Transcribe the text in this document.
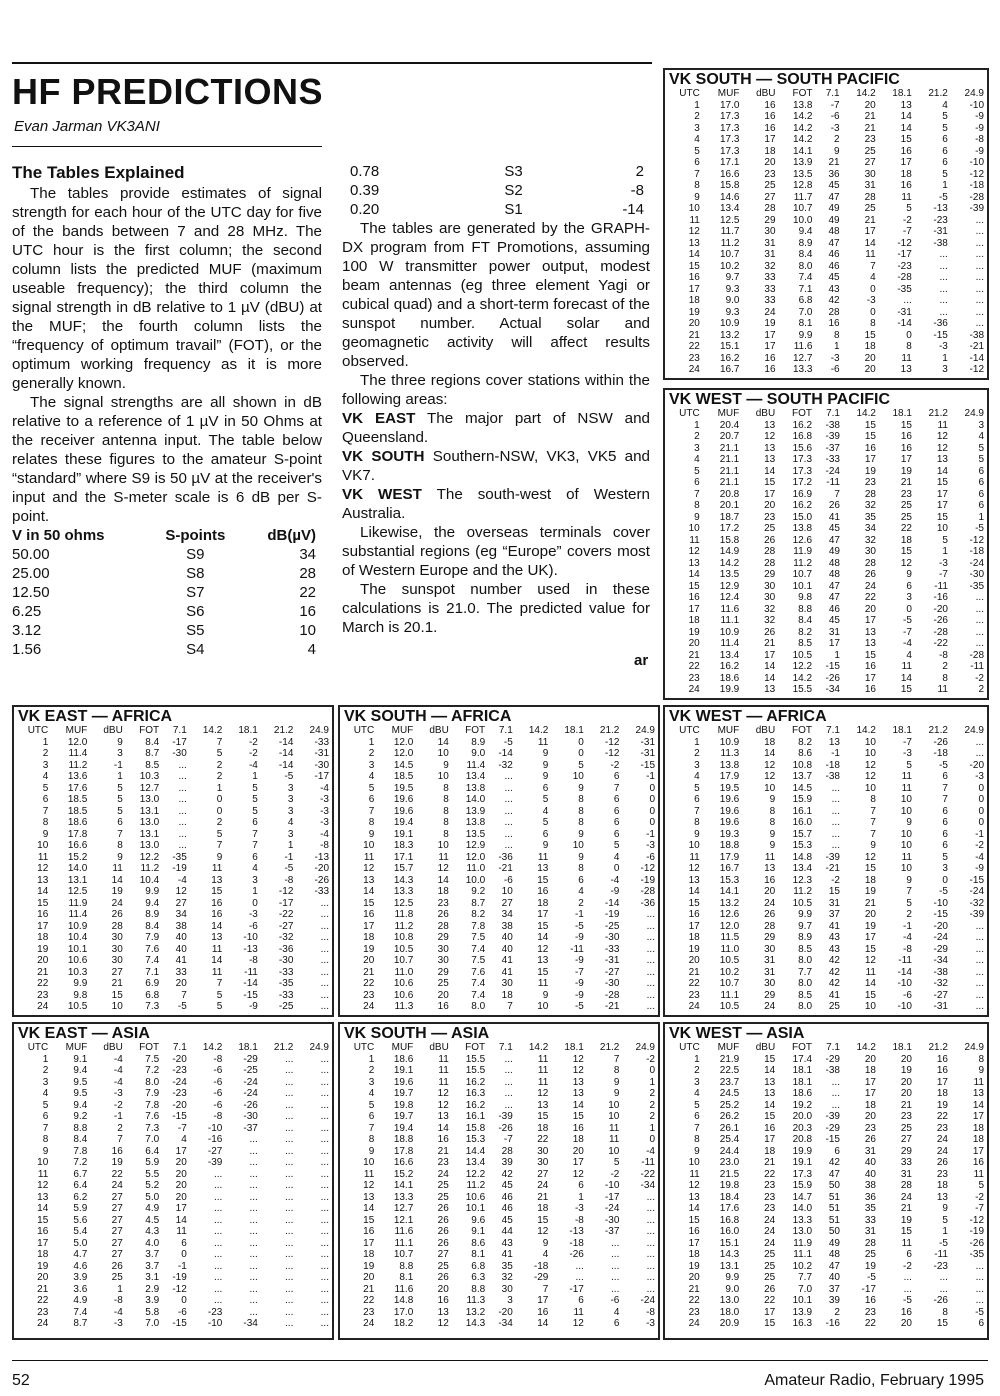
HF PREDICTIONS
Evan Jarman VK3ANI
The Tables Explained

The tables provide estimates of signal strength for each hour of the UTC day for five of the bands between 7 and 28 MHz. The UTC hour is the first column; the second column lists the predicted MUF (maximum useable frequency); the third column the signal strength in dB relative to 1 µV (dBU) at the MUF; the fourth column lists the “frequency of optimum travail” (FOT), or the optimum working frequency as it is more generally known.

The signal strengths are all shown in dB relative to a reference of 1 µV in 50 Ohms at the receiver antenna input. The table below relates these figures to the amateur S-point “standard” where S9 is 50 µV at the receiver's input and the S-meter scale is 6 dB per S-point.

V in 50 ohms	S-points	dB(µV)
50.00	S9	34
25.00	S8	28
12.50	S7	22
6.25	S6	16
3.12	S5	10
1.56	S4	4
0.78	S3	2
0.39	S2	-8
0.20	S1	-14

The tables are generated by the GRAPH-DX program from FT Promotions, assuming 100 W transmitter power output, modest beam antennas (eg three element Yagi or cubical quad) and a short-term forecast of the sunspot number. Actual solar and geomagnetic activity will affect results observed.

The three regions cover stations within the following areas:

VK EAST The major part of NSW and Queensland.

VK SOUTH Southern-NSW, VK3, VK5 and VK7.

VK WEST The south-west of Western Australia.

Likewise, the overseas terminals cover substantial regions (eg “Europe” covers most of Western Europe and the UK).

The sunspot number used in these calculations is 21.0. The predicted value for March is 20.1.

ar
VK SOUTH — SOUTH PACIFIC
UTC	MUF	dBU	FOT	7.1	14.2	18.1	21.2	24.9
1	17.0	16	13.8	-7	20	13	4	-10
2	17.3	16	14.2	-6	21	14	5	-9
3	17.3	16	14.2	-3	21	14	5	-9
4	17.3	17	14.2	2	23	15	6	-8
5	17.3	18	14.1	9	25	16	6	-9
6	17.1	20	13.9	21	27	17	6	-10
7	16.6	23	13.5	36	30	18	5	-12
8	15.8	25	12.8	45	31	16	1	-18
9	14.6	27	11.7	47	28	11	-5	-28
10	13.4	28	10.7	49	25	5	-13	-39
11	12.5	29	10.0	49	21	-2	-23	...
12	11.7	30	9.4	48	17	-7	-31	...
13	11.2	31	8.9	47	14	-12	-38	...
14	10.7	31	8.4	46	11	-17	...	...
15	10.2	32	8.0	46	7	-23	...	...
16	9.7	33	7.4	45	4	-28	...	...
17	9.3	33	7.1	43	0	-35	...	...
18	9.0	33	6.8	42	-3	...	...	...
19	9.3	24	7.0	28	0	-31	...	...
20	10.9	19	8.1	16	8	-14	-36	...
21	13.2	17	9.9	8	15	0	-15	-38
22	15.1	17	11.6	1	18	8	-3	-21
23	16.2	16	12.7	-3	20	11	1	-14
24	16.7	16	13.3	-6	20	13	3	-12
VK WEST — SOUTH PACIFIC
UTC	MUF	dBU	FOT	7.1	14.2	18.1	21.2	24.9
1	20.4	13	16.2	-38	15	15	11	3
2	20.7	12	16.8	-39	15	16	12	4
3	21.1	13	15.6	-37	16	16	12	5
4	21.1	13	17.3	-33	17	17	13	5
5	21.1	14	17.3	-24	19	19	14	6
6	21.1	15	17.2	-11	23	21	15	6
7	20.8	17	16.9	7	28	23	17	6
8	20.1	20	16.2	26	32	25	17	6
9	18.7	23	15.0	41	35	25	15	1
10	17.2	25	13.8	45	34	22	10	-5
11	15.8	26	12.6	47	32	18	5	-12
12	14.9	28	11.9	49	30	15	1	-18
13	14.2	28	11.2	48	28	12	-3	-24
14	13.5	29	10.7	48	26	9	-7	-30
15	12.9	30	10.1	47	24	6	-11	-35
16	12.4	30	9.8	47	22	3	-16	...
17	11.6	32	8.8	46	20	0	-20	...
18	11.1	32	8.4	45	17	-5	-26	...
19	10.9	26	8.2	31	13	-7	-28	...
20	11.4	21	8.5	17	13	-4	-22	...
21	13.4	17	10.5	1	15	4	-8	-28
22	16.2	14	12.2	-15	16	11	2	-11
23	18.6	14	14.2	-26	17	14	8	-2
24	19.9	13	15.5	-34	16	15	11	2
VK EAST — AFRICA
UTC	MUF	dBU	FOT	7.1	14.2	18.1	21.2	24.9
1	12.0	9	8.4	-17	7	-2	-14	-33
2	11.4	3	8.7	-30	5	-2	-14	-31
3	11.2	-1	8.5	...	2	-4	-14	-30
4	13.6	1	10.3	...	2	1	-5	-17
5	17.6	5	12.7	...	1	5	3	-4
6	18.5	5	13.0	...	0	5	3	-3
7	18.5	5	13.1	...	0	5	3	-3
8	18.6	6	13.0	...	2	6	4	-3
9	17.8	7	13.1	...	5	7	3	-4
10	16.6	8	13.0	...	7	7	1	-8
11	15.2	9	12.2	-35	9	6	-1	-13
12	14.0	11	11.2	-19	11	4	-5	-20
13	13.1	14	10.4	-4	13	3	-8	-26
14	12.5	19	9.9	12	15	1	-12	-33
15	11.9	24	9.4	27	16	0	-17	...
16	11.4	26	8.9	34	16	-3	-22	...
17	10.9	28	8.4	38	14	-6	-27	...
18	10.4	30	7.9	40	13	-10	-32	...
19	10.1	30	7.6	40	11	-13	-36	...
20	10.6	30	7.4	41	14	-8	-30	...
21	10.3	27	7.1	33	11	-11	-33	...
22	9.9	21	6.9	20	7	-14	-35	...
23	9.8	15	6.8	7	5	-15	-33	...
24	10.5	10	7.3	-5	5	-9	-25	...
VK SOUTH — AFRICA
UTC	MUF	dBU	FOT	7.1	14.2	18.1	21.2	24.9
1	12.0	14	8.9	-5	11	0	-12	-31
2	12.0	10	9.0	-14	9	0	-12	-31
3	14.5	9	11.4	-32	9	5	-2	-15
4	18.5	10	13.4	...	9	10	6	-1
5	19.5	8	13.8	...	6	9	7	0
6	19.6	8	14.0	...	5	8	6	0
7	19.6	8	13.9	...	4	8	6	0
8	19.4	8	13.8	...	5	8	6	0
9	19.1	8	13.5	...	6	9	6	-1
10	18.3	10	12.9	...	9	10	5	-3
11	17.1	11	12.0	-36	11	9	4	-6
12	15.7	12	11.0	-21	13	8	0	-12
13	14.3	14	10.0	-6	15	6	-4	-19
14	13.3	18	9.2	10	16	4	-9	-28
15	12.5	23	8.7	27	18	2	-14	-36
16	11.8	26	8.2	34	17	-1	-19	...
17	11.2	28	7.8	38	15	-5	-25	...
18	10.8	29	7.5	40	14	-9	-30	...
19	10.5	30	7.4	40	12	-11	-33	...
20	10.7	30	7.5	41	13	-9	-31	...
21	11.0	29	7.6	41	15	-7	-27	...
22	10.6	25	7.4	30	11	-9	-30	...
23	10.6	20	7.4	18	9	-9	-28	...
24	11.3	16	8.0	7	10	-5	-21	...
VK WEST — AFRICA
UTC	MUF	dBU	FOT	7.1	14.2	18.1	21.2	24.9
1	10.9	18	8.2	13	10	-7	-26	...
2	11.3	14	8.6	-1	10	-3	-18	...
3	13.8	12	10.8	-18	12	5	-5	-20
4	17.9	12	13.7	-38	12	11	6	-3
5	19.5	10	14.5	...	10	11	7	0
6	19.6	9	15.9	...	8	10	7	0
7	19.6	8	16.1	...	7	10	6	0
8	19.6	8	16.0	...	7	9	6	0
9	19.3	9	15.7	...	7	10	6	-1
10	18.8	9	15.3	...	9	10	6	-2
11	17.9	11	14.8	-39	12	11	5	-4
12	16.7	13	13.4	-21	15	10	3	-9
13	15.3	16	12.3	-2	18	9	0	-15
14	14.1	20	11.2	15	19	7	-5	-24
15	13.2	24	10.5	31	21	5	-10	-32
16	12.6	26	9.9	37	20	2	-15	-39
17	12.0	28	9.7	41	19	-1	-20	...
18	11.5	29	8.9	43	17	-4	-24	...
19	11.0	30	8.5	43	15	-8	-29	...
20	10.5	31	8.0	42	12	-11	-34	...
21	10.2	31	7.7	42	11	-14	-38	...
22	10.7	30	8.0	42	14	-10	-32	...
23	11.1	29	8.5	41	15	-6	-27	...
24	10.5	24	8.0	25	10	-10	-31	...
VK EAST — ASIA
UTC	MUF	dBU	FOT	7.1	14.2	18.1	21.2	24.9
1	9.1	-4	7.5	-20	-8	-29	...	...
2	9.4	-4	7.2	-23	-6	-25	...	...
3	9.5	-4	8.0	-24	-6	-24	...	...
4	9.5	-3	7.9	-23	-6	-24	...	...
5	9.4	-2	7.8	-20	-6	-26	...	...
6	9.2	-1	7.6	-15	-8	-30	...	...
7	8.8	2	7.3	-7	-10	-37	...	...
8	8.4	7	7.0	4	-16	...	...	...
9	7.8	16	6.4	17	-27	...	...	...
10	7.2	19	5.9	20	-39	...	...	...
11	6.7	22	5.5	20	...	...	...	...
12	6.4	24	5.2	20	...	...	...	...
13	6.2	27	5.0	20	...	...	...	...
14	5.9	27	4.9	17	...	...	...	...
15	5.6	27	4.5	14	...	...	...	...
16	5.4	27	4.3	11	...	...	...	...
17	5.0	27	4.0	6	...	...	...	...
18	4.7	27	3.7	0	...	...	...	...
19	4.6	26	3.7	-1	...	...	...	...
20	3.9	25	3.1	-19	...	...	...	...
21	3.6	1	2.9	-12	...	...	...	...
22	4.9	-8	3.9	0	...	...	...	...
23	7.4	-4	5.8	-6	-23	...	...	...
24	8.7	-3	7.0	-15	-10	-34	...	...
VK SOUTH — ASIA
UTC	MUF	dBU	FOT	7.1	14.2	18.1	21.2	24.9
1	18.6	11	15.5	...	11	12	7	-2
2	19.1	11	15.5	...	11	12	8	0
3	19.6	11	16.2	...	11	13	9	1
4	19.7	12	16.3	...	12	13	9	2
5	19.8	12	16.2	...	13	14	10	2
6	19.7	13	16.1	-39	15	15	10	2
7	19.4	14	15.8	-26	18	16	11	1
8	18.8	16	15.3	-7	22	18	11	0
9	17.8	21	14.4	28	30	20	10	-4
10	16.6	23	13.4	39	30	17	5	-11
11	15.2	24	12.2	42	27	12	-2	-22
12	14.1	25	11.2	45	24	6	-10	-34
13	13.3	25	10.6	46	21	1	-17	...
14	12.7	26	10.1	46	18	-3	-24	...
15	12.1	26	9.6	45	15	-8	-30	...
16	11.6	26	9.1	44	12	-13	-37	...
17	11.1	26	8.6	43	9	-18	...	...
18	10.7	27	8.1	41	4	-26	...	...
19	8.8	25	6.8	35	-18	...	...	...
20	8.1	26	6.3	32	-29	...	...	...
21	11.6	20	8.8	30	7	-17	...	...
22	14.8	16	11.3	3	17	6	-6	-24
23	17.0	13	13.2	-20	16	11	4	-8
24	18.2	12	14.3	-34	14	12	6	-3
VK WEST — ASIA
UTC	MUF	dBU	FOT	7.1	14.2	18.1	21.2	24.9
1	21.9	15	17.4	-29	20	20	16	8
2	22.5	14	18.1	-38	18	19	16	9
3	23.7	13	18.1	...	17	20	17	11
4	24.5	13	18.6	...	17	20	18	13
5	25.2	14	19.2	...	18	21	19	14
6	26.2	15	20.0	-39	20	23	22	17
7	26.1	16	20.3	-29	23	25	23	18
8	25.4	17	20.8	-15	26	27	24	18
9	24.4	18	19.9	6	31	29	24	17
10	23.0	21	19.1	42	40	33	26	16
11	21.5	22	17.3	47	40	31	23	11
12	19.8	23	15.9	50	38	28	18	5
13	18.4	23	14.7	51	36	24	13	-2
14	17.6	23	14.0	51	35	21	9	-7
15	16.8	24	13.3	51	33	19	5	-12
16	16.0	24	13.0	50	31	15	1	-19
17	15.1	24	11.9	49	28	11	-5	-26
18	14.3	25	11.1	48	25	6	-11	-35
19	13.1	25	10.2	47	19	-2	-23	...
20	9.9	25	7.7	40	-5	...	...	...
21	9.0	26	7.0	37	-17	...	...	...
22	13.0	22	10.1	39	16	-5	-26	...
23	18.0	17	13.9	2	23	16	8	-5
24	20.9	15	16.3	-16	22	20	15	6
52	Amateur Radio, February 1995
